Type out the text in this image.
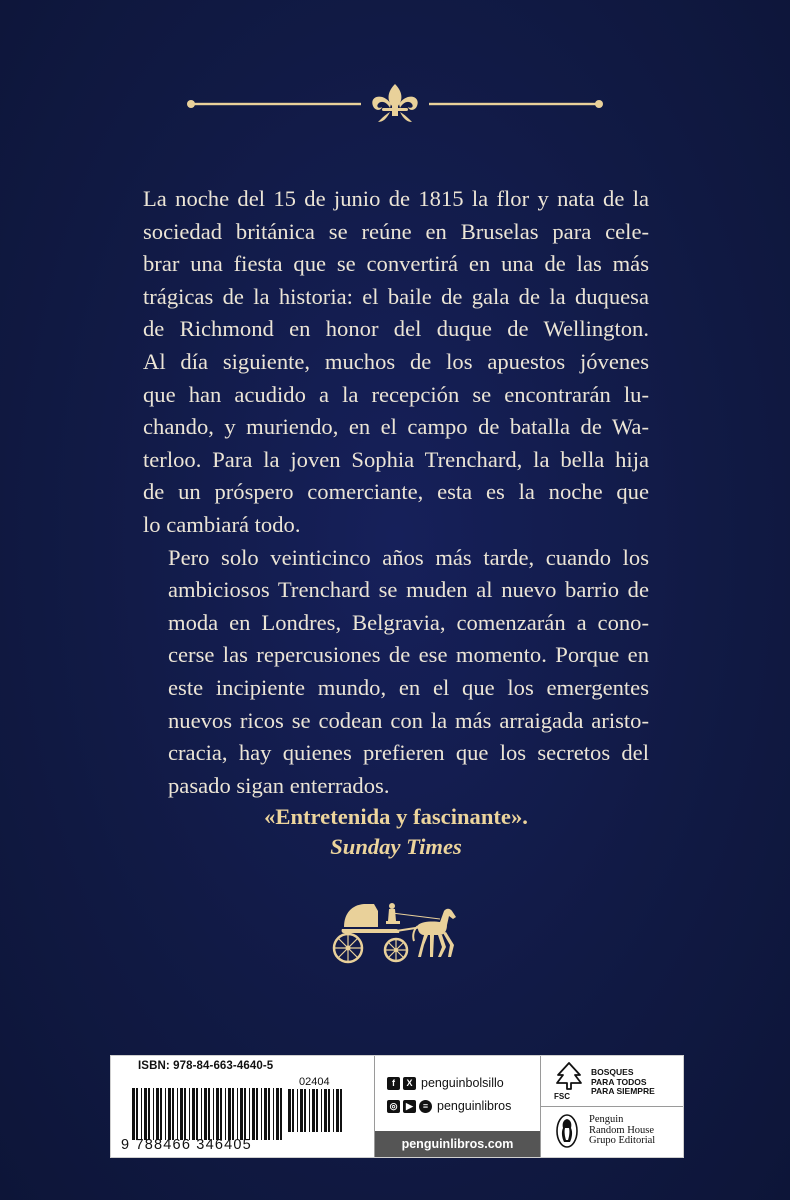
La noche del 15 de junio de 1815 la flor y nata de la
sociedad británica se reúne en Bruselas para cele-
brar una fiesta que se convertirá en una de las más
trágicas de la historia: el baile de gala de la duquesa
de Richmond en honor del duque de Wellington.
Al día siguiente, muchos de los apuestos jóvenes
que han acudido a la recepción se encontrarán lu-
chando, y muriendo, en el campo de batalla de Wa-
terloo. Para la joven Sophia Trenchard, la bella hija
de un próspero comerciante, esta es la noche que
lo cambiará todo.

Pero solo veinticinco años más tarde, cuando los
ambiciosos Trenchard se muden al nuevo barrio de
moda en Londres, Belgravia, comenzarán a cono-
cerse las repercusiones de ese momento. Porque en
este incipiente mundo, en el que los emergentes
nuevos ricos se codean con la más arraigada aristo-
cracia, hay quienes prefieren que los secretos del
pasado sigan enterrados.

«Entretenida y fascinante».
Sunday Times
ISBN: 978-84-663-4640-5
02404
9 788466 346405
f	X penguinbolsillo
◎ ▶	≡ penguinlibros
penguinlibros.com
FSC
BOSQUES
PARA TODOS
PARA SIEMPRE
Penguin
Random House
Grupo Editorial
